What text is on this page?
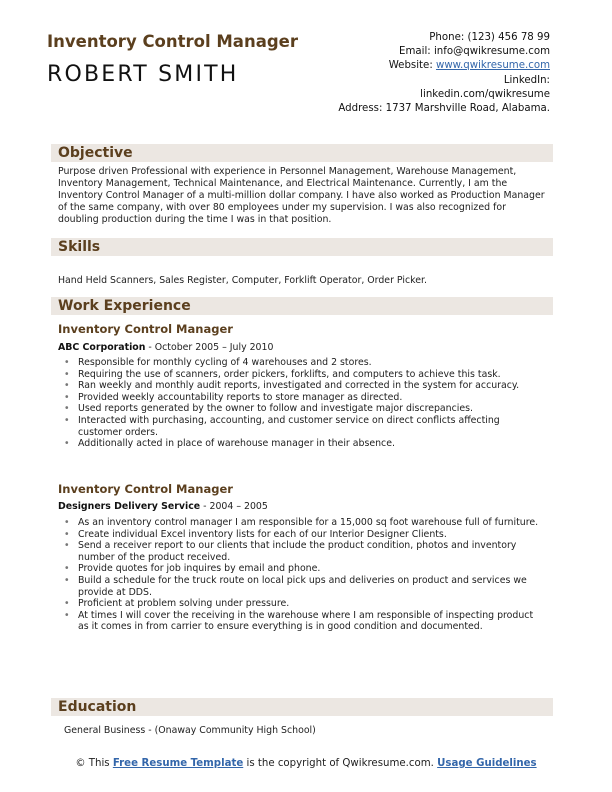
Inventory Control Manager
ROBERT SMITH
Phone: (123) 456 78 99
Email: info@qwikresume.com
Website: www.qwikresume.com
LinkedIn:
linkedin.com/qwikresume
Address: 1737 Marshville Road, Alabama.
Objective
Purpose driven Professional with experience in Personnel Management, Warehouse Management, Inventory Management, Technical Maintenance, and Electrical Maintenance. Currently, I am the Inventory Control Manager of a multi-million dollar company. I have also worked as Production Manager of the same company, with over 80 employees under my supervision. I was also recognized for doubling production during the time I was in that position.
Skills
Hand Held Scanners, Sales Register, Computer, Forklift Operator, Order Picker.
Work Experience
Inventory Control Manager
ABC Corporation - October 2005 – July 2010
• Responsible for monthly cycling of 4 warehouses and 2 stores.
• Requiring the use of scanners, order pickers, forklifts, and computers to achieve this task.
• Ran weekly and monthly audit reports, investigated and corrected in the system for accuracy.
• Provided weekly accountability reports to store manager as directed.
• Used reports generated by the owner to follow and investigate major discrepancies.
• Interacted with purchasing, accounting, and customer service on direct conflicts affecting customer orders.
• Additionally acted in place of warehouse manager in their absence.
Inventory Control Manager
Designers Delivery Service - 2004 – 2005
• As an inventory control manager I am responsible for a 15,000 sq foot warehouse full of furniture.
• Create individual Excel inventory lists for each of our Interior Designer Clients.
• Send a receiver report to our clients that include the product condition, photos and inventory number of the product received.
• Provide quotes for job inquires by email and phone.
• Build a schedule for the truck route on local pick ups and deliveries on product and services we provide at DDS.
• Proficient at problem solving under pressure.
• At times I will cover the receiving in the warehouse where I am responsible of inspecting product as it comes in from carrier to ensure everything is in good condition and documented.
Education
General Business - (Onaway Community High School)
© This Free Resume Template is the copyright of Qwikresume.com. Usage Guidelines
